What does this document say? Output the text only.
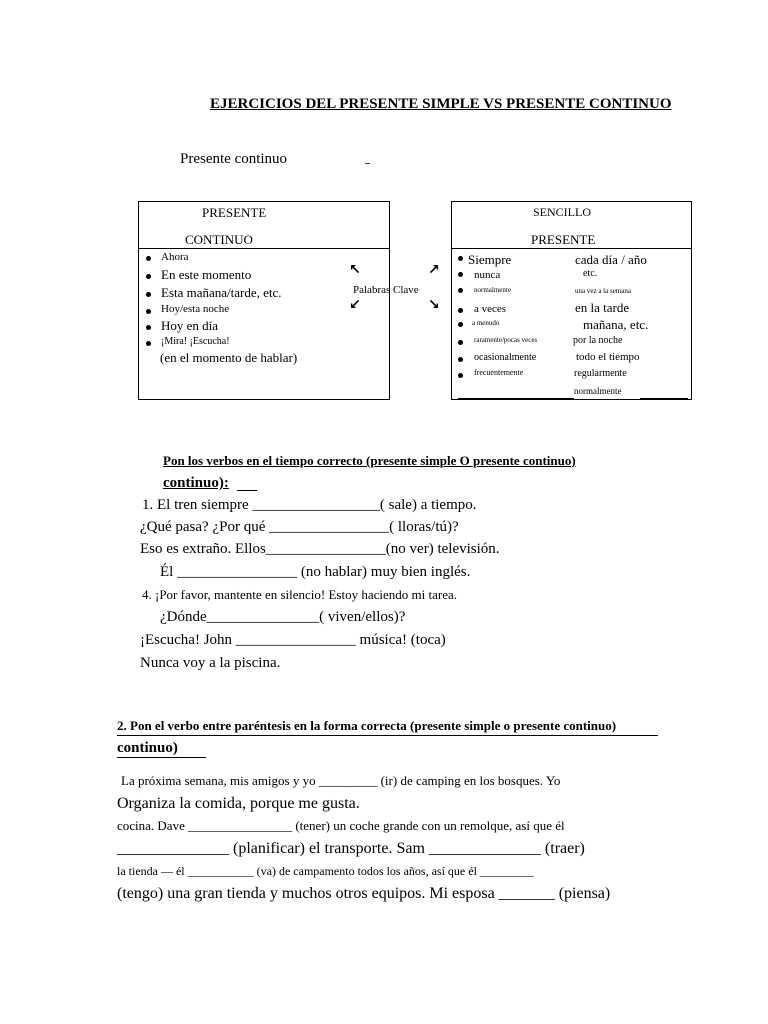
EJERCICIOS DEL PRESENTE SIMPLE VS PRESENTE CONTINUO
Presente continuo
PRESENTE
CONTINUO
Ahora
En este momento
Esta mañana/tarde, etc.
Hoy/esta noche
Hoy en día
¡Mira! ¡Escucha!
(en el momento de hablar)
↖	↗
↙	↘
Palabras Clave
SENCILLO
PRESENTE
Siempre
nunca
normalmente
a veces
a menudo
raramente/pocas veces
ocasionalmente
frecuentemente
cada día / año
etc.
una vez a la semana
en la tarde
mañana, etc.
por la noche
todo el tiempo
regularmente
normalmente
Pon los verbos en el tiempo correcto (presente simple O presente continuo)
continuo):
1. El tren siempre _________________( sale) a tiempo.
¿Qué pasa? ¿Por qué ________________( lloras/tú)?
Eso es extraño. Ellos________________(no ver) televisión.
Él ________________ (no hablar) muy bien inglés.
4. ¡Por favor, mantente en silencio! Estoy haciendo mi tarea.
¿Dónde_______________( viven/ellos)?
¡Escucha! John ________________ música! (toca)
Nunca voy a la piscina.
2. Pon el verbo entre paréntesis en la forma correcta (presente simple o presente continuo)
continuo)
La próxima semana, mis amigos y yo _________ (ir) de camping en los bosques. Yo
Organiza la comida, porque me gusta.
cocina. Dave ________________ (tener) un coche grande con un remolque, así que él
______________ (planificar) el transporte. Sam ______________ (traer)
la tienda — él ___________ (va) de campamento todos los años, así que él _________
(tengo) una gran tienda y muchos otros equipos. Mi esposa _______ (piensa)
